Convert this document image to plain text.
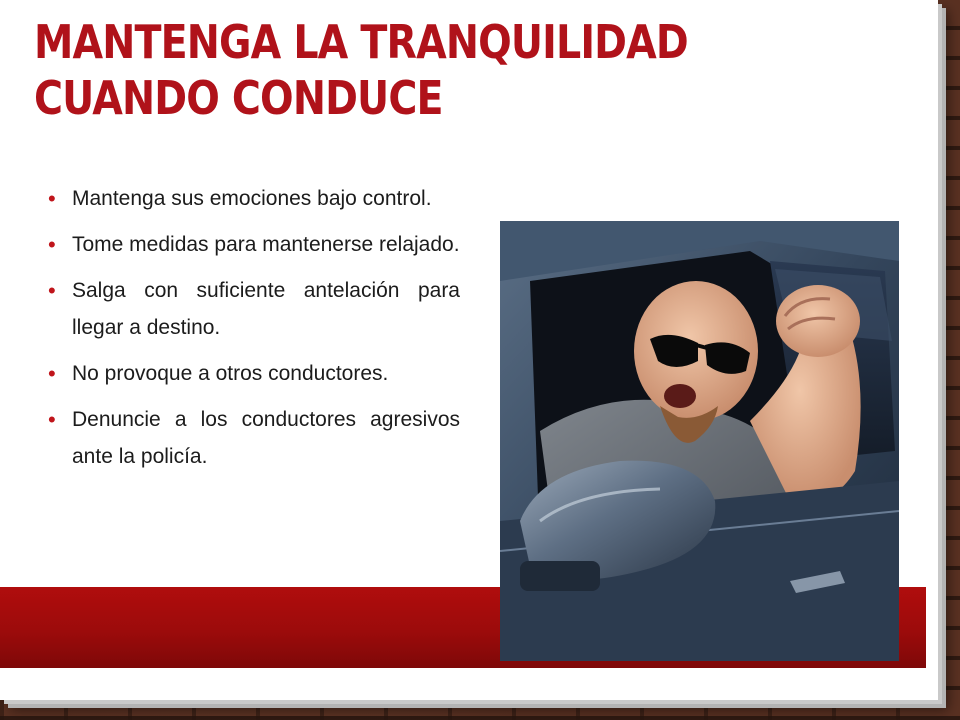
MANTENGA LA TRANQUILIDAD CUANDO CONDUCE
• Mantenga sus emociones bajo control.
• Tome medidas para mantenerse relajado.
• Salga con suficiente antelación para llegar a destino.
• No provoque a otros conductores.
• Denuncie a los conductores agresivos ante la policía.
